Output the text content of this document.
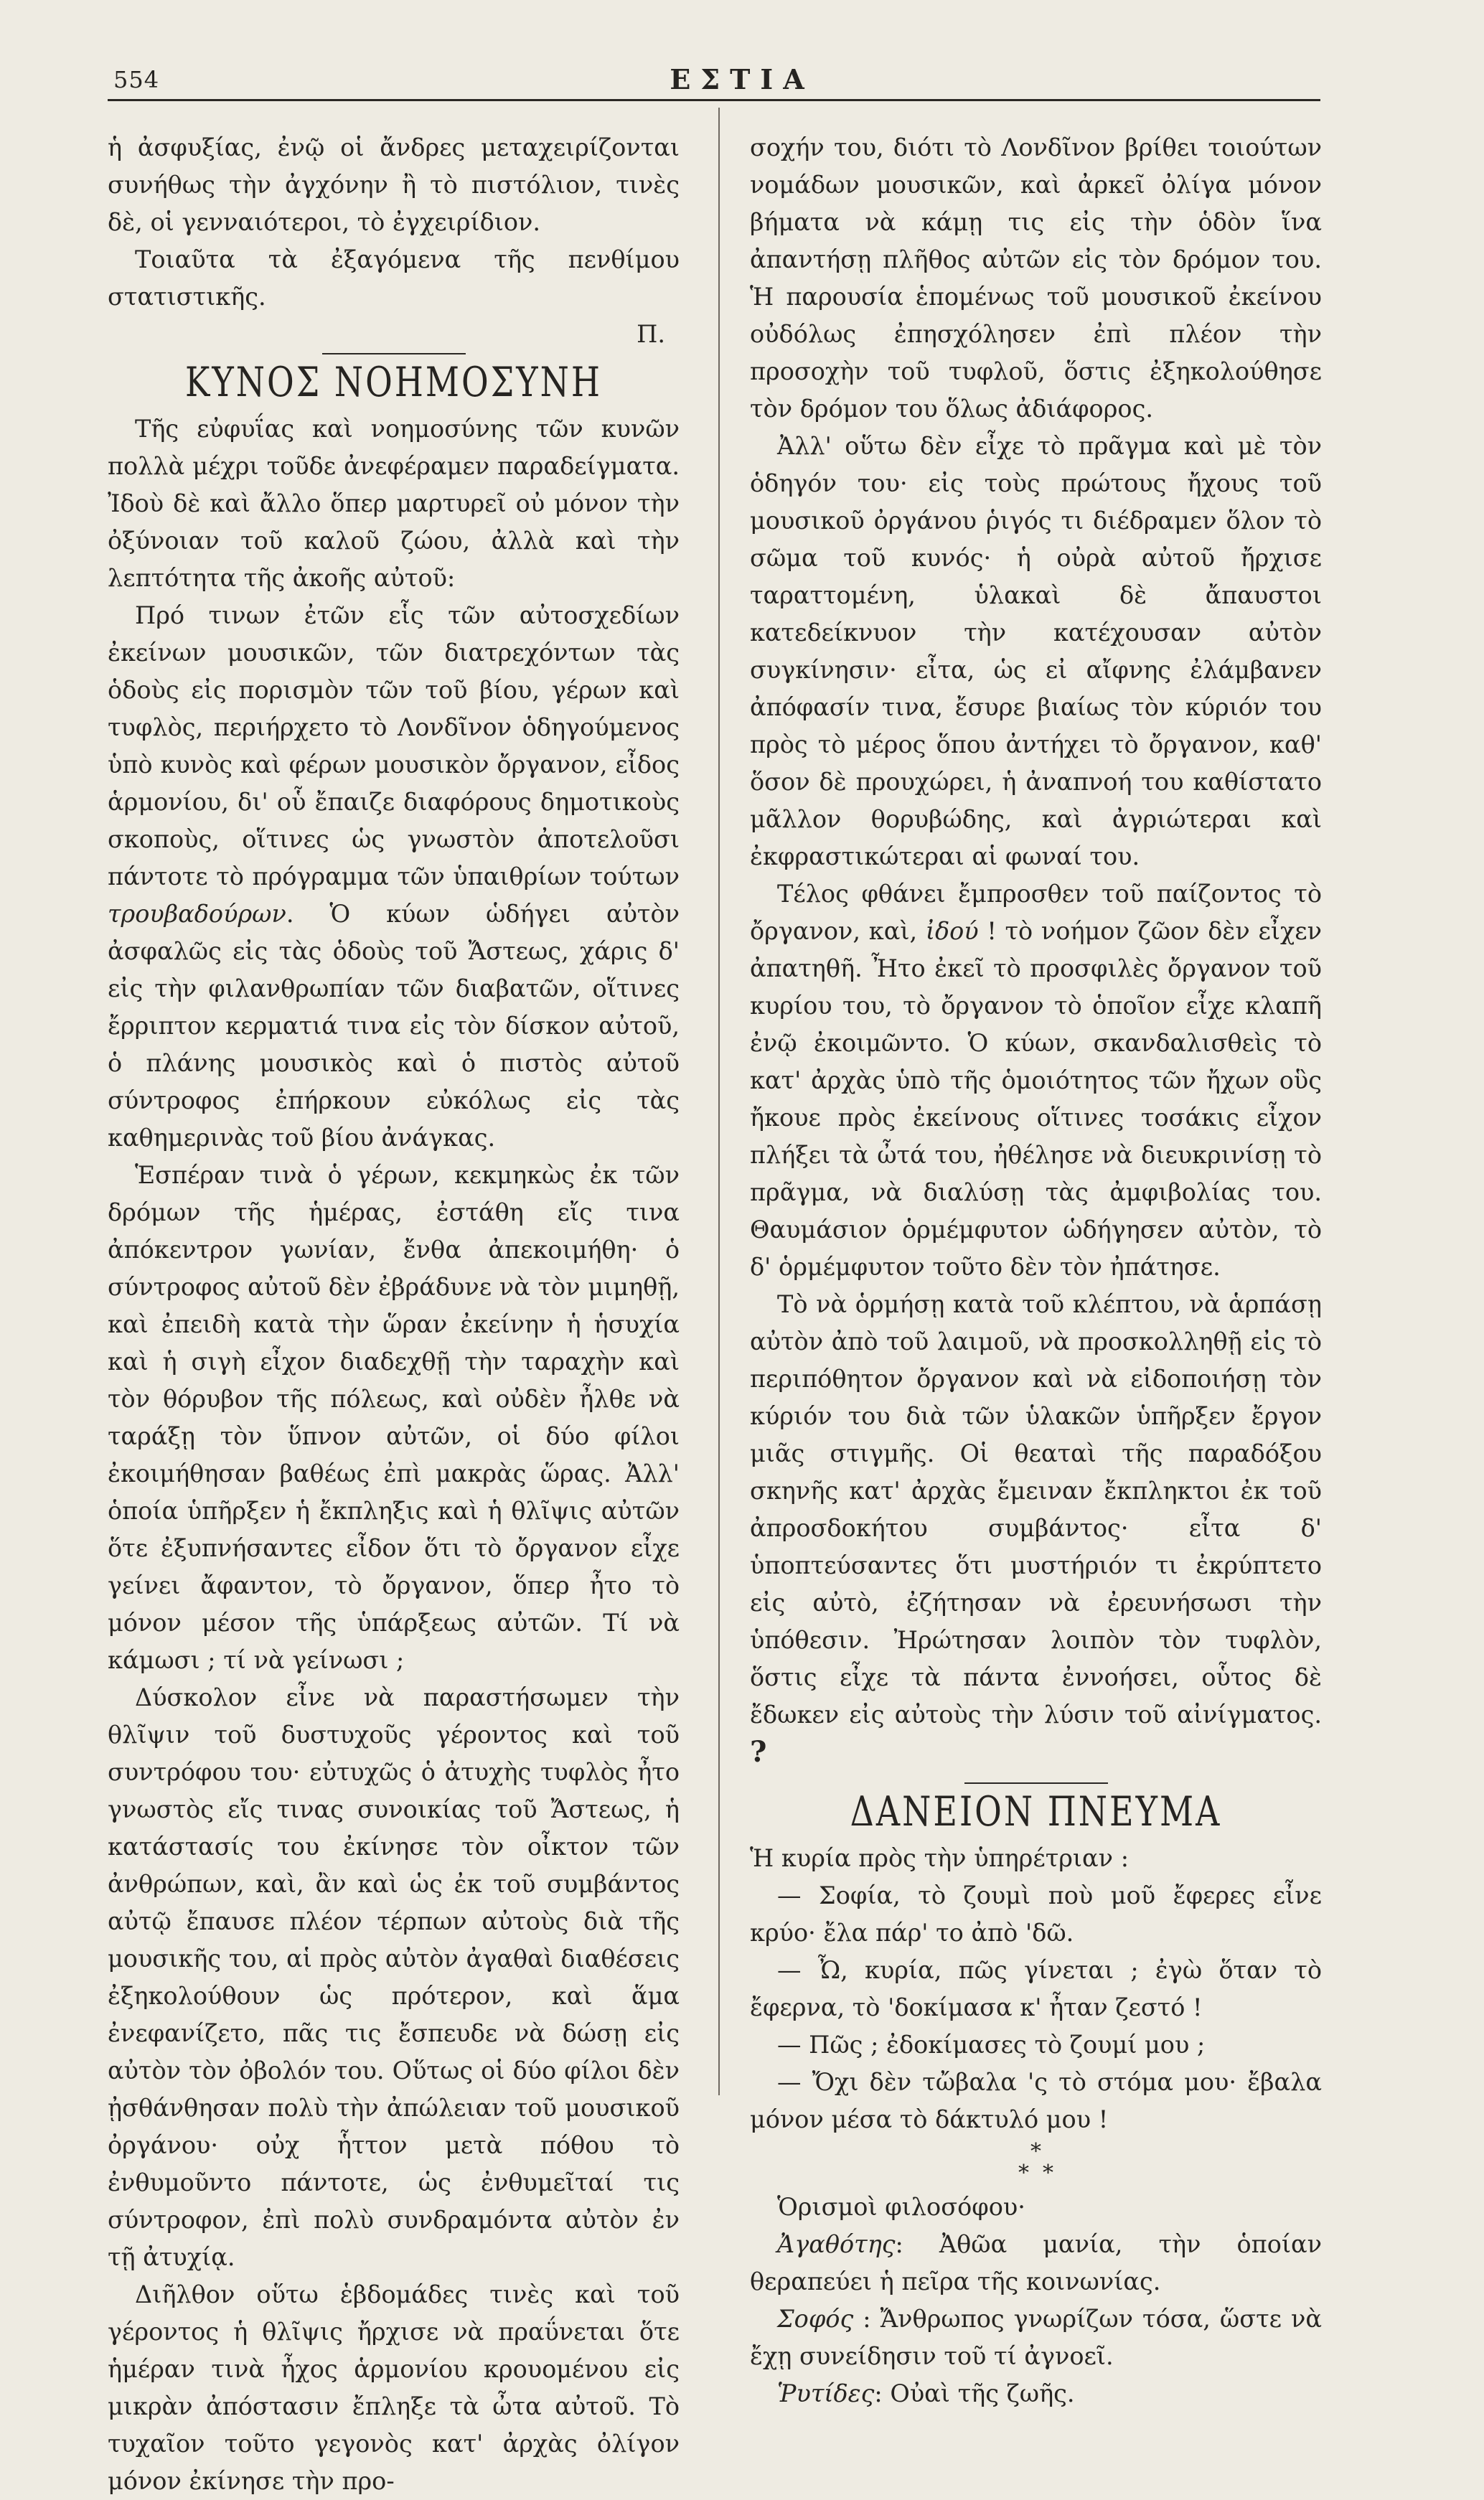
554	ΕΣΤΙΑ

ἡ ἀσφυξίας, ἐνῷ οἱ ἄνδρες μεταχειρίζονται συνήθως τὴν ἀγχόνην ἢ τὸ πιστόλιον, τινὲς δὲ, οἱ γενναιότεροι, τὸ ἐγχειρίδιον.

Τοιαῦτα τὰ ἐξαγόμενα τῆς πενθίμου στατιστικῆς.

Π.

ΚΥΝΟΣ ΝΟΗΜΟΣΥΝΗ

Τῆς εὐφυΐας καὶ νοημοσύνης τῶν κυνῶν πολλὰ μέχρι τοῦδε ἀνεφέραμεν παραδείγματα. Ἰδοὺ δὲ καὶ ἄλλο ὅπερ μαρτυρεῖ οὐ μόνον τὴν ὀξύνοιαν τοῦ καλοῦ ζώου, ἀλλὰ καὶ τὴν λεπτότητα τῆς ἀκοῆς αὐτοῦ:

Πρό τινων ἐτῶν εἷς τῶν αὐτοσχεδίων ἐκείνων μουσικῶν, τῶν διατρεχόντων τὰς ὁδοὺς εἰς πορισμὸν τῶν τοῦ βίου, γέρων καὶ τυφλὸς, περιήρχετο τὸ Λονδῖνον ὁδηγούμενος ὑπὸ κυνὸς καὶ φέρων μουσικὸν ὄργανον, εἶδος ἁρμονίου, δι' οὗ ἔπαιζε διαφόρους δημοτικοὺς σκοποὺς, οἵτινες ὡς γνωστὸν ἀποτελοῦσι πάντοτε τὸ πρόγραμμα τῶν ὑπαιθρίων τούτων τρουβαδούρων. Ὁ κύων ὡδήγει αὐτὸν ἀσφαλῶς εἰς τὰς ὁδοὺς τοῦ Ἄστεως, χάρις δ' εἰς τὴν φιλανθρωπίαν τῶν διαβατῶν, οἵτινες ἔρριπτον κερματιά τινα εἰς τὸν δίσκον αὐτοῦ, ὁ πλάνης μουσικὸς καὶ ὁ πιστὸς αὐτοῦ σύντροφος ἐπήρκουν εὐκόλως εἰς τὰς καθημερινὰς τοῦ βίου ἀνάγκας.

Ἑσπέραν τινὰ ὁ γέρων, κεκμηκὼς ἐκ τῶν δρόμων τῆς ἡμέρας, ἐστάθη εἴς τινα ἀπόκεντρον γωνίαν, ἔνθα ἀπεκοιμήθη· ὁ σύντροφος αὐτοῦ δὲν ἐβράδυνε νὰ τὸν μιμηθῇ, καὶ ἐπειδὴ κατὰ τὴν ὥραν ἐκείνην ἡ ἡσυχία καὶ ἡ σιγὴ εἶχον διαδεχθῇ τὴν ταραχὴν καὶ τὸν θόρυβον τῆς πόλεως, καὶ οὐδὲν ἦλθε νὰ ταράξῃ τὸν ὕπνον αὐτῶν, οἱ δύο φίλοι ἐκοιμήθησαν βαθέως ἐπὶ μακρὰς ὥρας. Ἀλλ' ὁποία ὑπῆρξεν ἡ ἔκπληξις καὶ ἡ θλῖψις αὐτῶν ὅτε ἐξυπνήσαντες εἶδον ὅτι τὸ ὄργανον εἶχε γείνει ἄφαντον, τὸ ὄργανον, ὅπερ ἦτο τὸ μόνον μέσον τῆς ὑπάρξεως αὐτῶν. Τί νὰ κάμωσι ; τί νὰ γείνωσι ;

Δύσκολον εἶνε νὰ παραστήσωμεν τὴν θλῖψιν τοῦ δυστυχοῦς γέροντος καὶ τοῦ συντρόφου του· εὐτυχῶς ὁ ἀτυχὴς τυφλὸς ἦτο γνωστὸς εἴς τινας συνοικίας τοῦ Ἄστεως, ἡ κατάστασίς του ἐκίνησε τὸν οἶκτον τῶν ἀνθρώπων, καὶ, ἂν καὶ ὡς ἐκ τοῦ συμβάντος αὐτῷ ἔπαυσε πλέον τέρπων αὐτοὺς διὰ τῆς μουσικῆς του, αἱ πρὸς αὐτὸν ἀγαθαὶ διαθέσεις ἐξηκολούθουν ὡς πρότερον, καὶ ἅμα ἐνεφανίζετο, πᾶς τις ἔσπευδε νὰ δώσῃ εἰς αὐτὸν τὸν ὀβολόν του. Οὕτως οἱ δύο φίλοι δὲν ᾐσθάνθησαν πολὺ τὴν ἀπώλειαν τοῦ μουσικοῦ ὀργάνου· οὐχ ἧττον μετὰ πόθου τὸ ἐνθυμοῦντο πάντοτε, ὡς ἐνθυμεῖταί τις σύντροφον, ἐπὶ πολὺ συνδραμόντα αὐτὸν ἐν τῇ ἀτυχίᾳ.

Διῆλθον οὕτω ἑβδομάδες τινὲς καὶ τοῦ γέροντος ἡ θλῖψις ἤρχισε νὰ πραΰνεται ὅτε ἡμέραν τινὰ ἦχος ἁρμονίου κρουομένου εἰς μικρὰν ἀπόστασιν ἔπληξε τὰ ὦτα αὐτοῦ. Τὸ τυχαῖον τοῦτο γεγονὸς κατ' ἀρχὰς ὀλίγον μόνον ἐκίνησε τὴν προ-

σοχήν του, διότι τὸ Λονδῖνον βρίθει τοιούτων νομάδων μουσικῶν, καὶ ἀρκεῖ ὀλίγα μόνον βήματα νὰ κάμῃ τις εἰς τὴν ὁδὸν ἵνα ἀπαντήσῃ πλῆθος αὐτῶν εἰς τὸν δρόμον του. Ἡ παρουσία ἑπομένως τοῦ μουσικοῦ ἐκείνου οὐδόλως ἐπησχόλησεν ἐπὶ πλέον τὴν προσοχὴν τοῦ τυφλοῦ, ὅστις ἐξηκολούθησε τὸν δρόμον του ὅλως ἀδιάφορος.

Ἀλλ' οὕτω δὲν εἶχε τὸ πρᾶγμα καὶ μὲ τὸν ὁδηγόν του· εἰς τοὺς πρώτους ἤχους τοῦ μουσικοῦ ὀργάνου ῥιγός τι διέδραμεν ὅλον τὸ σῶμα τοῦ κυνός· ἡ οὐρὰ αὐτοῦ ἤρχισε ταραττομένη, ὑλακαὶ δὲ ἄπαυστοι κατεδείκνυον τὴν κατέχουσαν αὐτὸν συγκίνησιν· εἶτα, ὡς εἰ αἴφνης ἐλάμβανεν ἀπόφασίν τινα, ἔσυρε βιαίως τὸν κύριόν του πρὸς τὸ μέρος ὅπου ἀντήχει τὸ ὄργανον, καθ' ὅσον δὲ προυχώρει, ἡ ἀναπνοή του καθίστατο μᾶλλον θορυβώδης, καὶ ἀγριώτεραι καὶ ἐκφραστικώτεραι αἱ φωναί του.

Τέλος φθάνει ἔμπροσθεν τοῦ παίζοντος τὸ ὄργανον, καὶ, ἰδού ! τὸ νοήμον ζῶον δὲν εἶχεν ἀπατηθῆ. Ἦτο ἐκεῖ τὸ προσφιλὲς ὄργανον τοῦ κυρίου του, τὸ ὄργανον τὸ ὁποῖον εἶχε κλαπῆ ἐνῷ ἐκοιμῶντο. Ὁ κύων, σκανδαλισθεὶς τὸ κατ' ἀρχὰς ὑπὸ τῆς ὁμοιότητος τῶν ἤχων οὓς ἤκουε πρὸς ἐκείνους οἵτινες τοσάκις εἶχον πλήξει τὰ ὦτά του, ἠθέλησε νὰ διευκρινίσῃ τὸ πρᾶγμα, νὰ διαλύσῃ τὰς ἀμφιβολίας του. Θαυμάσιον ὁρμέμφυτον ὡδήγησεν αὐτὸν, τὸ δ' ὁρμέμφυτον τοῦτο δὲν τὸν ἠπάτησε.

Τὸ νὰ ὁρμήσῃ κατὰ τοῦ κλέπτου, νὰ ἁρπάσῃ αὐτὸν ἀπὸ τοῦ λαιμοῦ, νὰ προσκολληθῇ εἰς τὸ περιπόθητον ὄργανον καὶ νὰ εἰδοποιήσῃ τὸν κύριόν του διὰ τῶν ὑλακῶν ὑπῆρξεν ἔργον μιᾶς στιγμῆς. Οἱ θεαταὶ τῆς παραδόξου σκηνῆς κατ' ἀρχὰς ἔμειναν ἔκπληκτοι ἐκ τοῦ ἀπροσδοκήτου συμβάντος· εἶτα δ' ὑποπτεύσαντες ὅτι μυστήριόν τι ἐκρύπτετο εἰς αὐτὸ, ἐζήτησαν νὰ ἐρευνήσωσι τὴν ὑπόθεσιν. Ἠρώτησαν λοιπὸν τὸν τυφλὸν, ὅστις εἶχε τὰ πάντα ἐννοήσει, οὗτος δὲ ἔδωκεν εἰς αὐτοὺς τὴν λύσιν τοῦ αἰνίγματος. ?

ΔΑΝΕΙΟΝ ΠΝΕΥΜΑ

Ἡ κυρία πρὸς τὴν ὑπηρέτριαν :

— Σοφία, τὸ ζουμὶ ποὺ μοῦ ἔφερες εἶνε κρύο· ἔλα πάρ' το ἀπὸ 'δῶ.

— Ὦ, κυρία, πῶς γίνεται ; ἐγὼ ὅταν τὸ ἔφερνα, τὸ 'δοκίμασα κ' ἦταν ζεστό !

— Πῶς ; ἐδοκίμασες τὸ ζουμί μου ;

— Ὄχι δὲν τὤβαλα 'ς τὸ στόμα μου· ἔβαλα μόνον μέσα τὸ δάκτυλό μου !

*
* *

Ὁρισμοὶ φιλοσόφου·

Ἀγαθότης: Ἀθῶα μανία, τὴν ὁποίαν θεραπεύει ἡ πεῖρα τῆς κοινωνίας.

Σοφός : Ἄνθρωπος γνωρίζων τόσα, ὥστε νὰ ἔχῃ συνείδησιν τοῦ τί ἀγνοεῖ.

Ῥυτίδες: Οὐαὶ τῆς ζωῆς.
